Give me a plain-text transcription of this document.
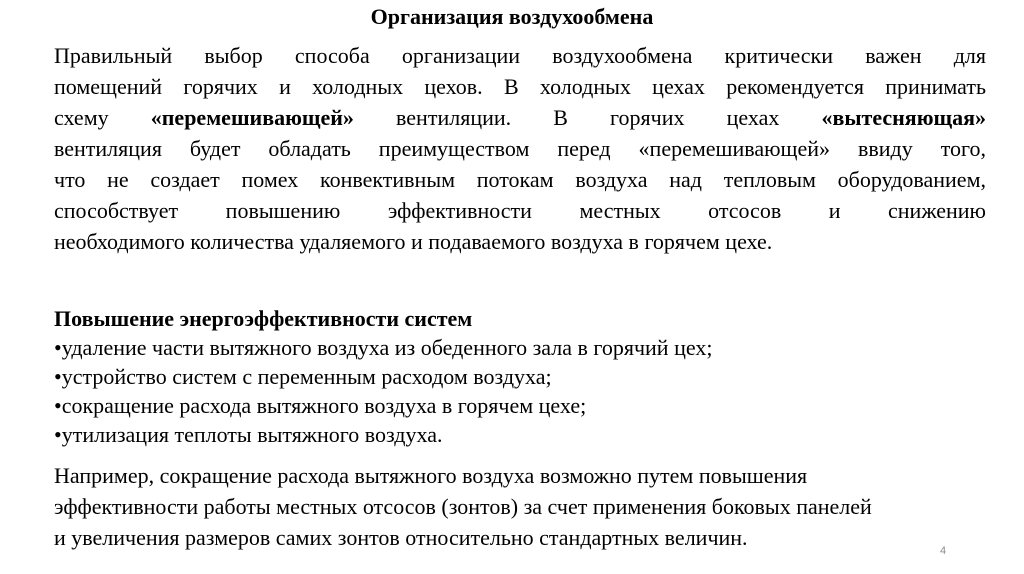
Организация воздухообмена
Правильный выбор способа организации воздухообмена критически важен для
помещений горячих и холодных цехов. В холодных цехах рекомендуется принимать
схему «перемешивающей» вентиляции. В горячих цехах «вытесняющая»
вентиляция будет обладать преимуществом перед «перемешивающей» ввиду того,
что не создает помех конвективным потокам воздуха над тепловым оборудованием,
способствует повышению эффективности местных отсосов и снижению
необходимого количества удаляемого и подаваемого воздуха в горячем цехе.
Повышение энергоэффективности систем
•удаление части вытяжного воздуха из обеденного зала в горячий цех;
•устройство систем с переменным расходом воздуха;
•сокращение расхода вытяжного воздуха в горячем цехе;
•утилизация теплоты вытяжного воздуха.
Например, сокращение расхода вытяжного воздуха возможно путем повышения
эффективности работы местных отсосов (зонтов) за счет применения боковых панелей
и увеличения размеров самих зонтов относительно стандартных величин.
4
